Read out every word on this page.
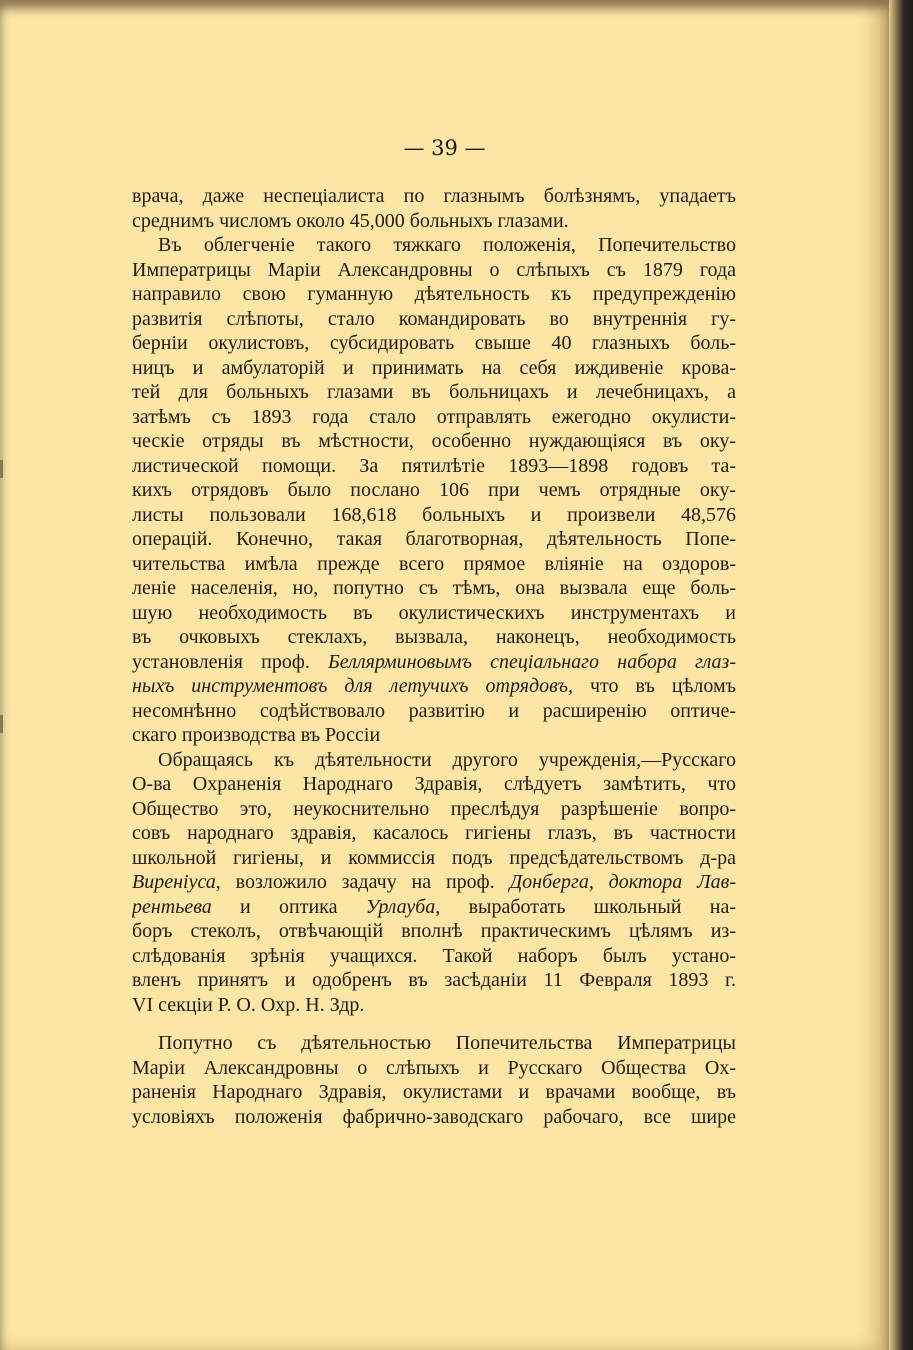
— 39 —
врача, даже неспеціалиста по глазнымъ болѣзнямъ, упадаетъ
среднимъ числомъ около 45,000 больныхъ глазами.
Въ облегченіе такого тяжкаго положенія, Попечительство
Императрицы Маріи Александровны о слѣпыхъ съ 1879 года
направило свою гуманную дѣятельность къ предупрежденію
развитія слѣпоты, стало командировать во внутреннія гу-
берніи окулистовъ, субсидировать свыше 40 глазныхъ боль-
ницъ и амбулаторій и принимать на себя иждивеніе крова-
тей для больныхъ глазами въ больницахъ и лечебницахъ, а
затѣмъ съ 1893 года стало отправлять ежегодно окулисти-
ческіе отряды въ мѣстности, особенно нуждающіяся въ оку-
листической помощи. За пятилѣтіе 1893—1898 годовъ та-
кихъ отрядовъ было послано 106 при чемъ отрядные оку-
листы пользовали 168,618 больныхъ и произвели 48,576
операцій. Конечно, такая благотворная, дѣятельность Попе-
чительства имѣла прежде всего прямое вліяніе на оздоров-
леніе населенія, но, попутно съ тѣмъ, она вызвала еще боль-
шую необходимость въ окулистическихъ инструментахъ и
въ очковыхъ стеклахъ, вызвала, наконецъ, необходимость
установленія проф. Беллярминовымъ спеціальнаго набора глаз-
ныхъ инструментовъ для летучихъ отрядовъ, что въ цѣломъ
несомнѣнно содѣйствовало развитію и расширенію оптиче-
скаго производства въ Россіи
Обращаясь къ дѣятельности другого учрежденія,—Русскаго
О-ва Охраненія Народнаго Здравія, слѣдуетъ замѣтить, что
Общество это, неукоснительно преслѣдуя разрѣшеніе вопро-
совъ народнаго здравія, касалось гигіены глазъ, въ частности
школьной гигіены, и коммиссія подъ предсѣдательствомъ д-ра
Виреніуса, возложило задачу на проф. Донберга, доктора Лав-
рентьева и оптика Урлауба, выработать школьный на-
боръ стеколъ, отвѣчающій вполнѣ практическимъ цѣлямъ из-
слѣдованія зрѣнія учащихся. Такой наборъ былъ устано-
вленъ принятъ и одобренъ въ засѣданіи 11 Февраля 1893 г.
VI секціи Р. О. Охр. Н. Здр.
Попутно съ дѣятельностью Попечительства Императрицы
Маріи Александровны о слѣпыхъ и Русскаго Общества Ох-
раненія Народнаго Здравія, окулистами и врачами вообще, въ
условіяхъ положенія фабрично-заводскаго рабочаго, все шире
